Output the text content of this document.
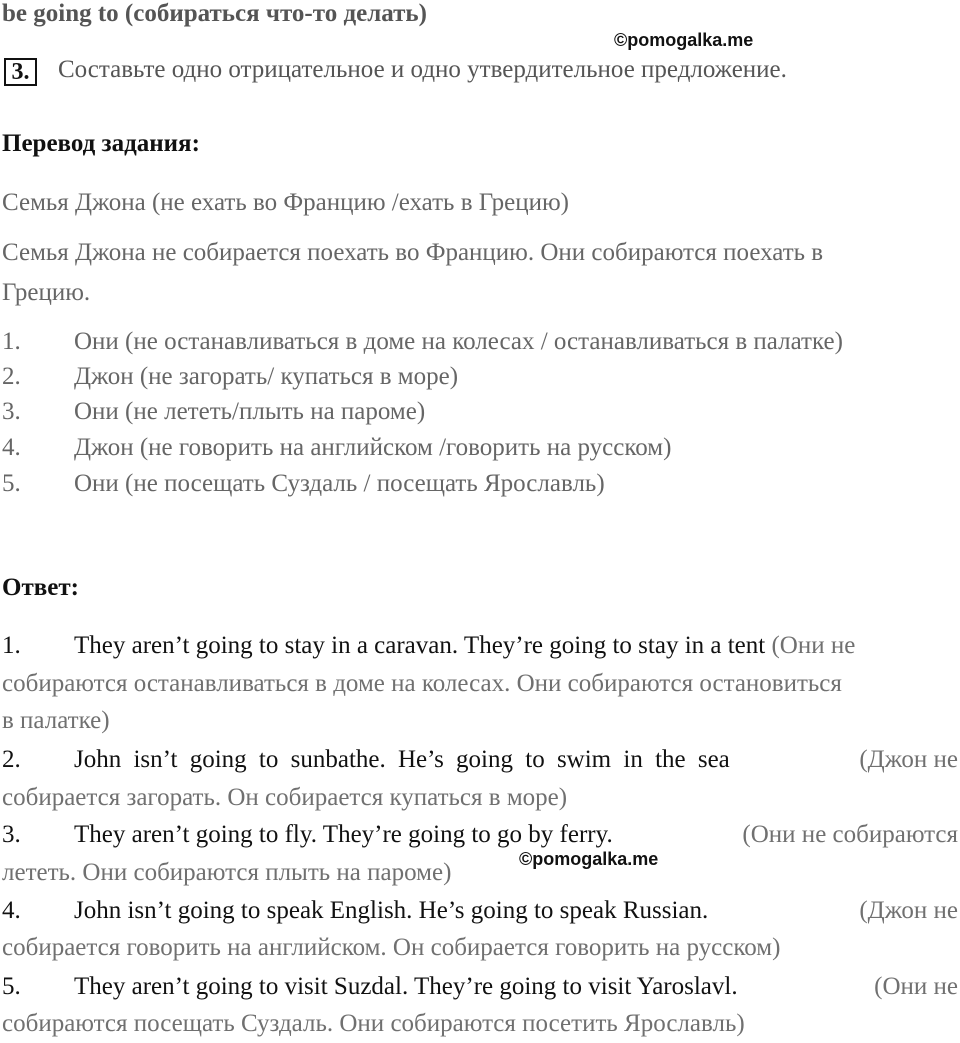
be going to (собираться что-то делать)
©pomogalka.me
3.	Составьте одно отрицательное и одно утвердительное предложение.
Перевод задания:
Семья Джона (не ехать во Францию /ехать в Грецию)
Семья Джона не собирается поехать во Францию. Они собираются поехать в
Грецию.
1. Они (не останавливаться в доме на колесах / останавливаться в палатке)
2. Джон (не загорать/ купаться в море)
3. Они (не лететь/плыть на пароме)
4. Джон (не говорить на английском /говорить на русском)
5. Они (не посещать Суздаль / посещать Ярославль)
Ответ:
1. They aren’t going to stay in a caravan. They’re going to stay in a tent (Они не
собираются останавливаться в доме на колесах. Они собираются остановиться
в палатке)
2. John isn’t going to sunbathe. He’s going to swim in the sea	(Джон не
собирается загорать. Он собирается купаться в море)
3. They aren’t going to fly. They’re going to go by ferry.	(Они не собираются
лететь. Они собираются плыть на пароме)	©pomogalka.me
4. John isn’t going to speak English. He’s going to speak Russian.	(Джон не
собирается говорить на английском. Он собирается говорить на русском)
5. They aren’t going to visit Suzdal. They’re going to visit Yaroslavl.	(Они не
собираются посещать Суздаль. Они собираются посетить Ярославль)
